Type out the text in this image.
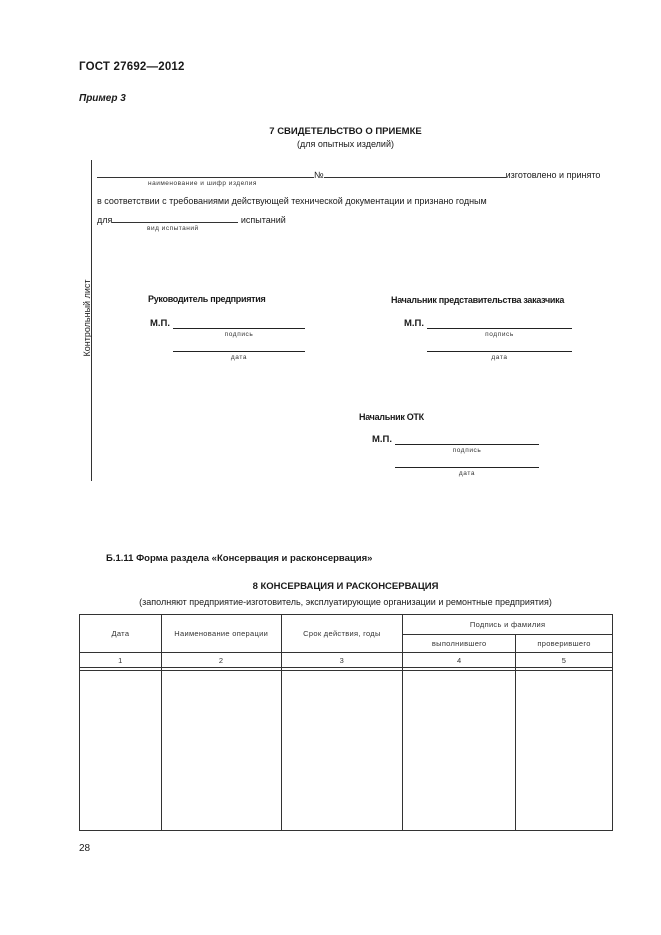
ГОСТ 27692—2012
Пример 3
7 СВИДЕТЕЛЬСТВО О ПРИЕМКЕ
(для опытных изделий)
Контрольный лист
№	изготовлено и принято
наименование и шифр изделия
в соответствии с требованиями действующей технической документации и признано годным
для	испытаний
вид испытаний
Руководитель предприятия
М.П.
подпись
дата
Начальник представительства заказчика
М.П.
подпись
дата
Начальник ОТК
М.П.
подпись
дата
Б.1.11 Форма раздела «Консервация и расконсервация»
8 КОНСЕРВАЦИЯ И РАСКОНСЕРВАЦИЯ
(заполняют предприятие-изготовитель, эксплуатирующие организации и ремонтные предприятия)
Дата	Наименование операции	Срок действия, годы	Подпись и фамилия	
			выполнившего	проверившего
1	2	3	4	5

28
